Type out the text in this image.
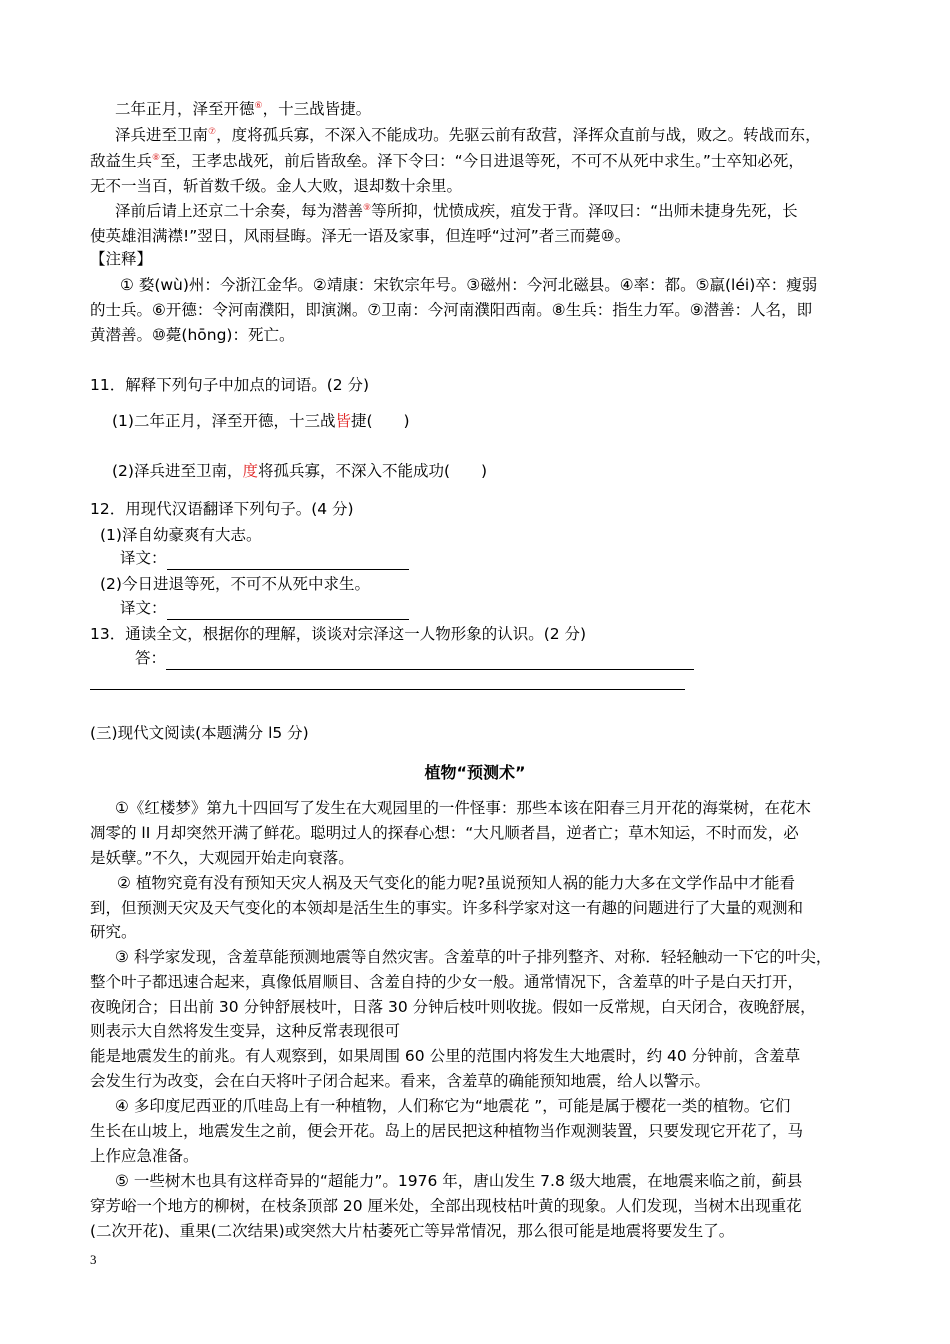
二年正月，泽至开德⑥，十三战皆捷。
泽兵进至卫南⑦，度将孤兵寡，不深入不能成功。先驱云前有敌营，泽挥众直前与战，败之。转战而东，
敌益生兵⑧至，王孝忠战死，前后皆敌垒。泽下令曰：“今日进退等死，不可不从死中求生。”士卒知必死，
无不一当百，斩首数千级。金人大败，退却数十余里。
泽前后请上还京二十余奏，每为潜善⑨等所抑，忧愤成疾，疽发于背。泽叹曰：“出师未捷身先死，长
使英雄泪满襟!”翌日，风雨昼晦。泽无一语及家事，但连呼“过河”者三而薨⑩。
【注释】
① 婺(wù)州：今浙江金华。②靖康：宋钦宗年号。③磁州：今河北磁县。④率：都。⑤羸(léi)卒：瘦弱
的士兵。⑥开德：令河南濮阳，即演渊。⑦卫南：今河南濮阳西南。⑧生兵：指生力军。⑨潜善：人名，即
黄潜善。⑩薨(hōng)：死亡。
11．解释下列句子中加点的词语。(2 分)
(1)二年正月，泽至开德，十三战皆捷(　　)
(2)泽兵进至卫南，度将孤兵寡，不深入不能成功(　　)
12．用现代汉语翻译下列句子。(4 分)
(1)泽自幼豪爽有大志。
译文：
(2)今日进退等死，不可不从死中求生。
译文：
13．通读全文，根据你的理解，谈谈对宗泽这一人物形象的认识。(2 分)
答：
(三)现代文阅读(本题满分 l5 分)
植物“预测术”
①《红楼梦》第九十四回写了发生在大观园里的一件怪事：那些本该在阳春三月开花的海棠树，在花木
凋零的 lI 月却突然开满了鲜花。聪明过人的探春心想：“大凡顺者昌，逆者亡；草木知运，不时而发，必
是妖孽。”不久，大观园开始走向衰落。
② 植物究竟有没有预知天灾人祸及天气变化的能力呢?虽说预知人祸的能力大多在文学作品中才能看
到，但预测天灾及天气变化的本领却是活生生的事实。许多科学家对这一有趣的问题进行了大量的观测和
研究。
③ 科学家发现，含羞草能预测地震等自然灾害。含羞草的叶子排列整齐、对称．轻轻触动一下它的叶尖，
整个叶子都迅速合起来，真像低眉顺目、含羞自持的少女一般。通常情况下，含羞草的叶子是白天打开，
夜晚闭合；日出前 30 分钟舒展枝叶，日落 30 分钟后枝叶则收拢。假如一反常规，白天闭合，夜晚舒展，
则表示大自然将发生变异，这种反常表现很可
能是地震发生的前兆。有人观察到，如果周围 60 公里的范围内将发生大地震时，约 40 分钟前，含羞草
会发生行为改变，会在白天将叶子闭合起来。看来，含羞草的确能预知地震，给人以警示。
④ 多印度尼西亚的爪哇岛上有一种植物，人们称它为“地震花 ”，可能是属于樱花一类的植物。它们
生长在山坡上，地震发生之前，便会开花。岛上的居民把这种植物当作观测装置，只要发现它开花了，马
上作应急准备。
⑤ 一些树木也具有这样奇异的“超能力”。1976 年，唐山发生 7.8 级大地震，在地震来临之前，蓟县
穿芳峪一个地方的柳树，在枝条顶部 20 厘米处，全部出现枝枯叶黄的现象。人们发现，当树木出现重花
(二次开花)、重果(二次结果)或突然大片枯萎死亡等异常情况，那么很可能是地震将要发生了。
3
